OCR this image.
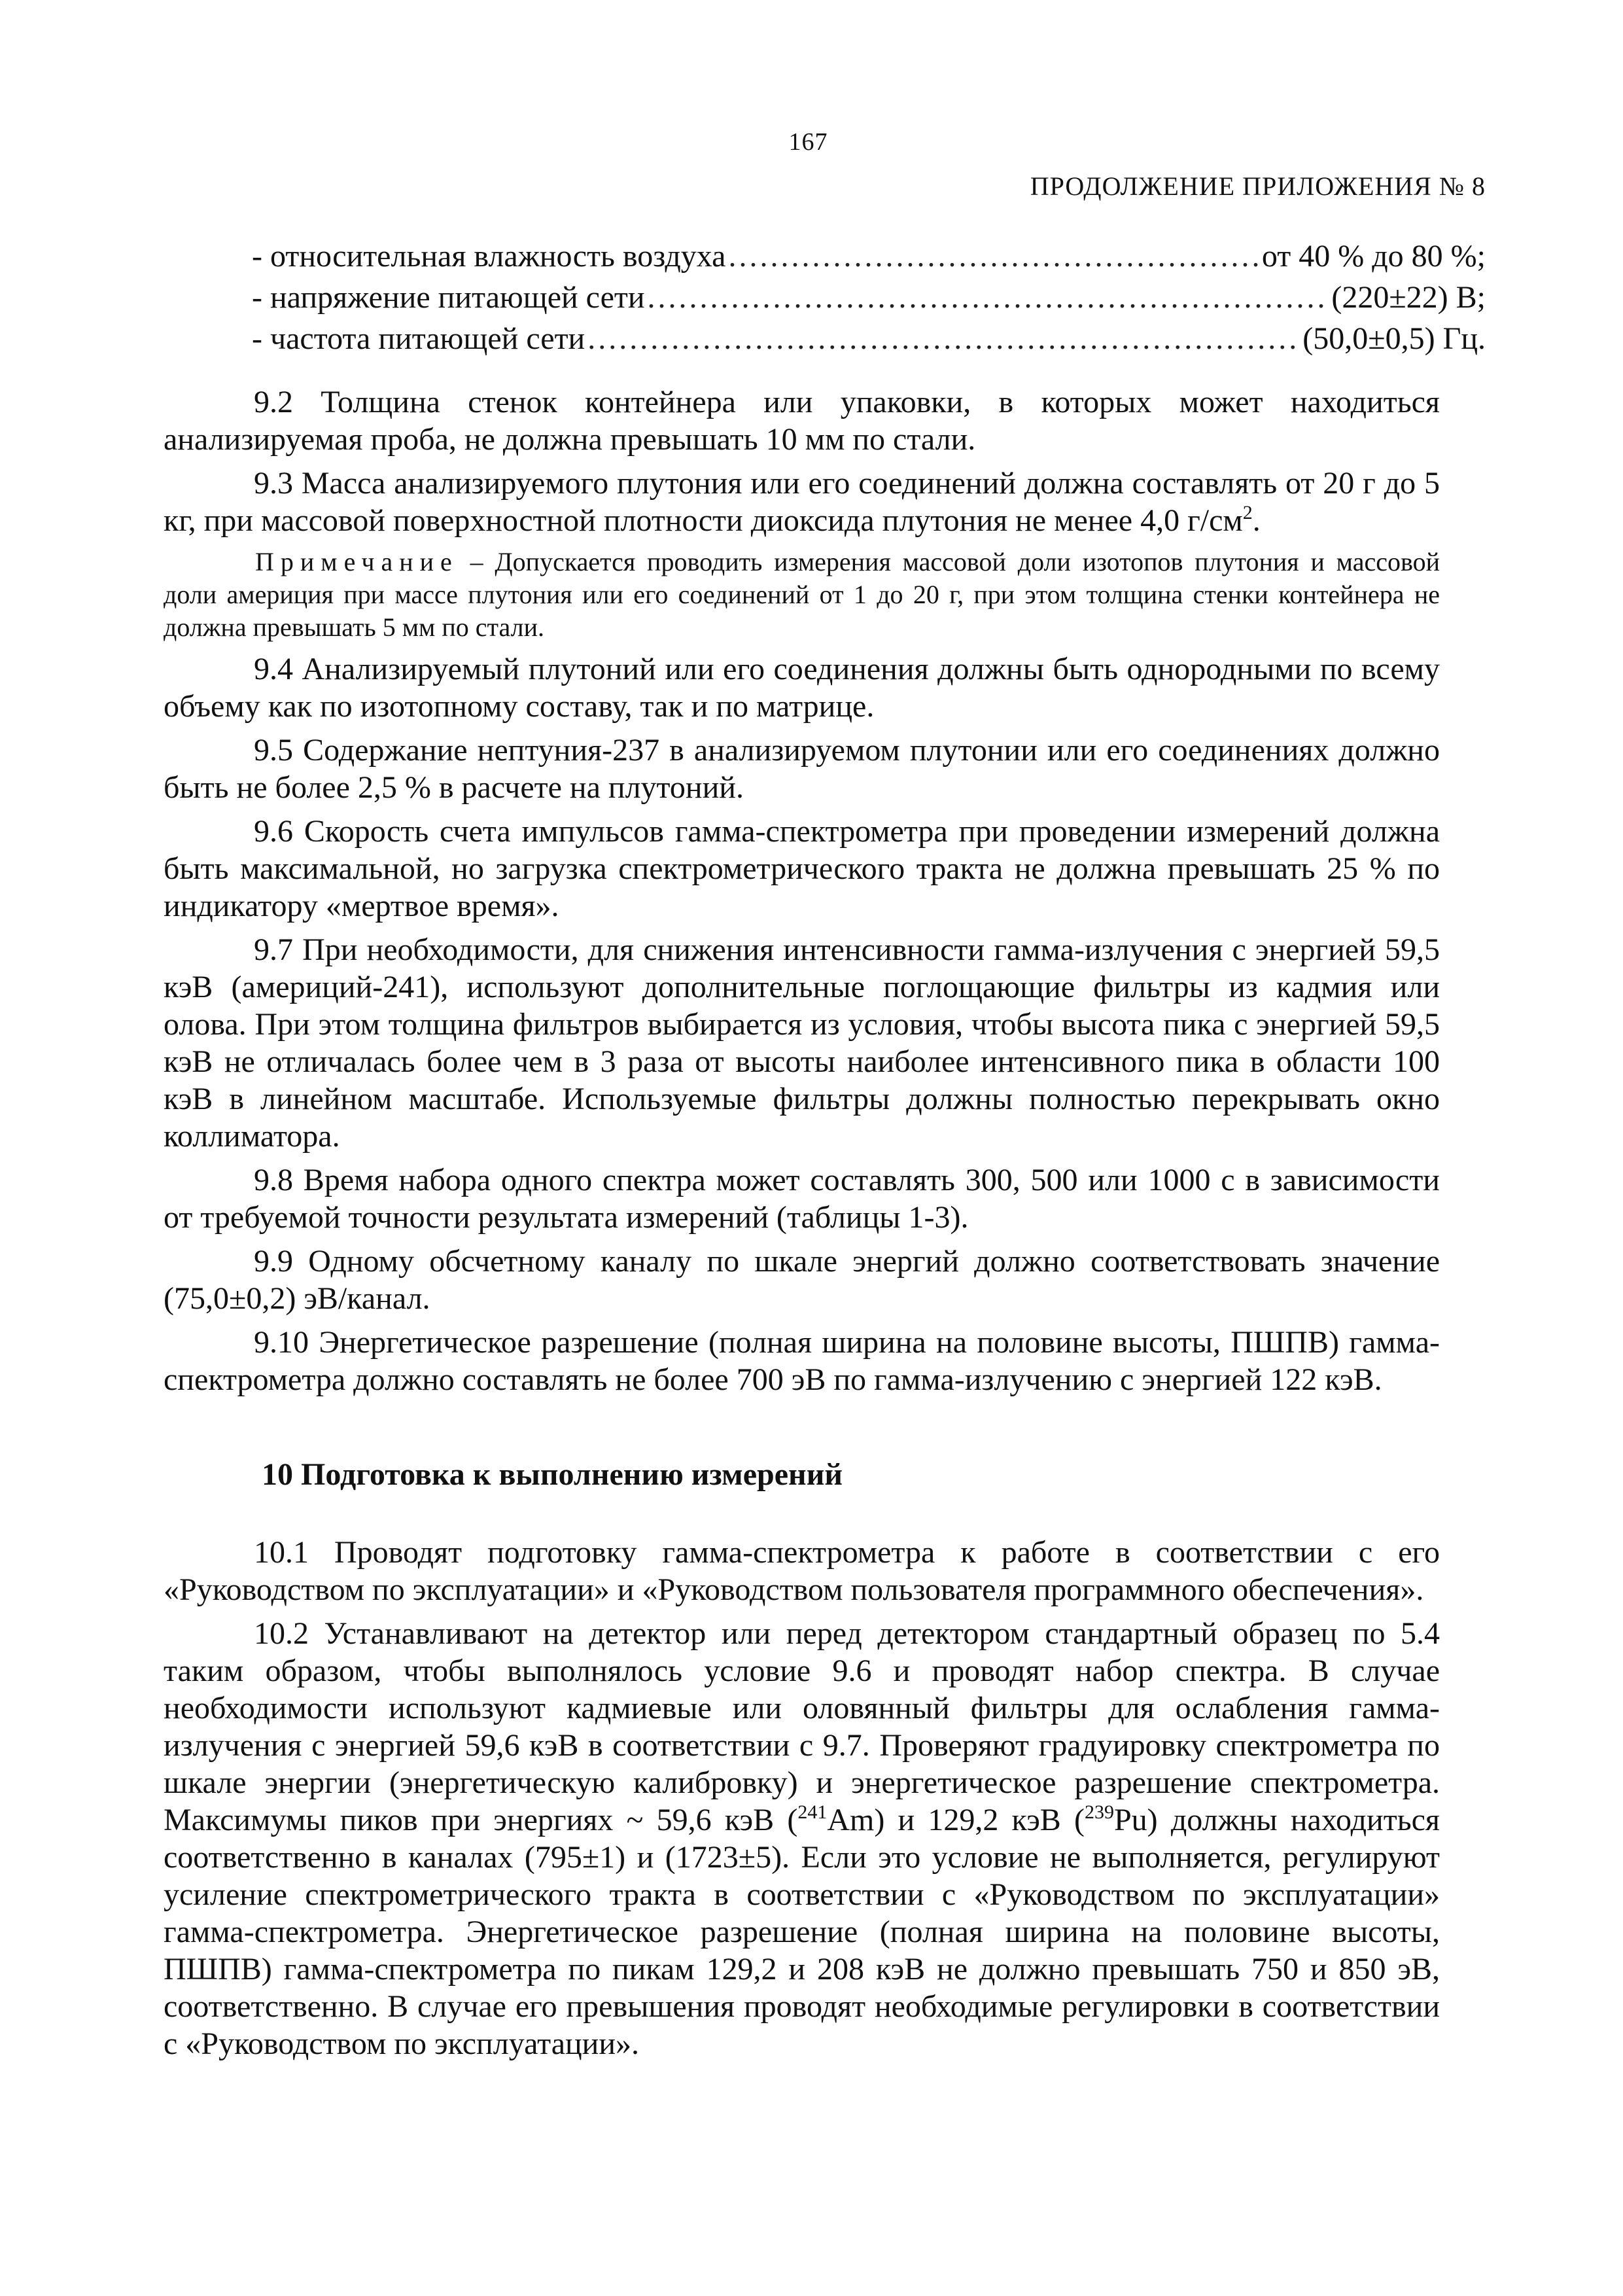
167
ПРОДОЛЖЕНИЕ ПРИЛОЖЕНИЯ № 8
- относительная влажность воздуха .....	от 40 % до 80 %;
- напряжение питающей сети .....	(220±22) В;
- частота питающей сети .....	(50,0±0,5) Гц.

9.2 Толщина стенок контейнера или упаковки, в которых может находиться анализируемая проба, не должна превышать 10 мм по стали.

9.3 Масса анализируемого плутония или его соединений должна составлять от 20 г до 5 кг, при массовой поверхностной плотности диоксида плутония не менее 4,0 $г/см^2$.

Примечание – Допускается проводить измерения массовой доли изотопов плутония и массовой доли америция при массе плутония или его соединений от 1 до 20 г, при этом толщина стенки контейнера не должна превышать 5 мм по стали.

9.4 Анализируемый плутоний или его соединения должны быть однородными по всему объему как по изотопному составу, так и по матрице.

9.5 Содержание нептуния-237 в анализируемом плутонии или его соединениях должно быть не более 2,5 % в расчете на плутоний.

9.6 Скорость счета импульсов гамма-спектрометра при проведении измерений должна быть максимальной, но загрузка спектрометрического тракта не должна превышать 25 % по индикатору «мертвое время».

9.7 При необходимости, для снижения интенсивности гамма-излучения с энергией 59,5 кэВ (америций-241), используют дополнительные поглощающие фильтры из кадмия или олова. При этом толщина фильтров выбирается из условия, чтобы высота пика с энергией 59,5 кэВ не отличалась более чем в 3 раза от высоты наиболее интенсивного пика в области 100 кэВ в линейном масштабе. Используемые фильтры должны полностью перекрывать окно коллиматора.

9.8 Время набора одного спектра может составлять 300, 500 или 1000 с в зависимости от требуемой точности результата измерений (таблицы 1-3).

9.9 Одному обсчетному каналу по шкале энергий должно соответствовать значение (75,0±0,2) эВ/канал.

9.10 Энергетическое разрешение (полная ширина на половине высоты, ПШПВ) гамма-спектрометра должно составлять не более 700 эВ по гамма-излучению с энергией 122 кэВ.

10 Подготовка к выполнению измерений

10.1 Проводят подготовку гамма-спектрометра к работе в соответствии с его «Руководством по эксплуатации» и «Руководством пользователя программного обеспечения».

10.2 Устанавливают на детектор или перед детектором стандартный образец по 5.4 таким образом, чтобы выполнялось условие 9.6 и проводят набор спектра. В случае необходимости используют кадмиевые или оловянный фильтры для ослабления гамма-излучения с энергией 59,6 кэВ в соответствии с 9.7. Проверяют градуировку спектрометра по шкале энергии (энергетическую калибровку) и энергетическое разрешение спектрометра. Максимумы пиков при энергиях ~ 59,6 кэВ ($^{241}$Am) и 129,2 кэВ ($^{239}$Pu) должны находиться соответственно в каналах (795±1) и (1723±5). Если это условие не выполняется, регулируют усиление спектрометрического тракта в соответствии с «Руководством по эксплуатации» гамма-спектрометра. Энергетическое разрешение (полная ширина на половине высоты, ПШПВ) гамма-спектрометра по пикам 129,2 и 208 кэВ не должно превышать 750 и 850 эВ, соответственно. В случае его превышения проводят необходимые регулировки в соответствии с «Руководством по эксплуатации».
